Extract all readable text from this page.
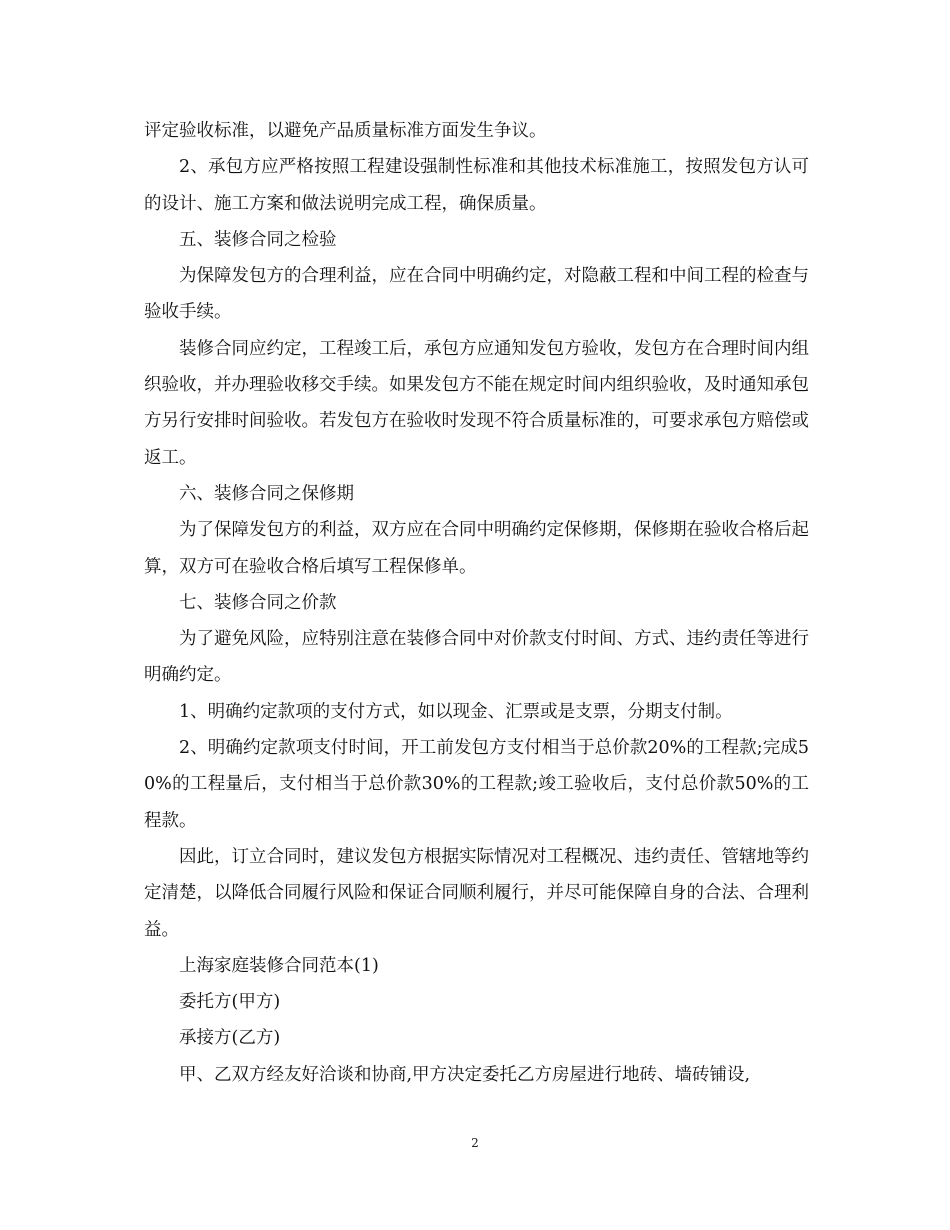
评定验收标准，以避免产品质量标准方面发生争议。

2、承包方应严格按照工程建设强制性标准和其他技术标准施工，按照发包方认可的设计、施工方案和做法说明完成工程，确保质量。

五、装修合同之检验

为保障发包方的合理利益，应在合同中明确约定，对隐蔽工程和中间工程的检查与验收手续。

装修合同应约定，工程竣工后，承包方应通知发包方验收，发包方在合理时间内组织验收，并办理验收移交手续。如果发包方不能在规定时间内组织验收，及时通知承包方另行安排时间验收。若发包方在验收时发现不符合质量标准的，可要求承包方赔偿或返工。

六、装修合同之保修期

为了保障发包方的利益，双方应在合同中明确约定保修期，保修期在验收合格后起算，双方可在验收合格后填写工程保修单。

七、装修合同之价款

为了避免风险，应特别注意在装修合同中对价款支付时间、方式、违约责任等进行明确约定。

1、明确约定款项的支付方式，如以现金、汇票或是支票，分期支付制。

2、明确约定款项支付时间，开工前发包方支付相当于总价款20%的工程款;完成50%的工程量后，支付相当于总价款30%的工程款;竣工验收后，支付总价款50%的工程款。

因此，订立合同时，建议发包方根据实际情况对工程概况、违约责任、管辖地等约定清楚，以降低合同履行风险和保证合同顺利履行，并尽可能保障自身的合法、合理利益。

上海家庭装修合同范本(1)

委托方(甲方)

承接方(乙方)

甲、乙双方经友好洽谈和协商,甲方决定委托乙方房屋进行地砖、墙砖铺设,

2
